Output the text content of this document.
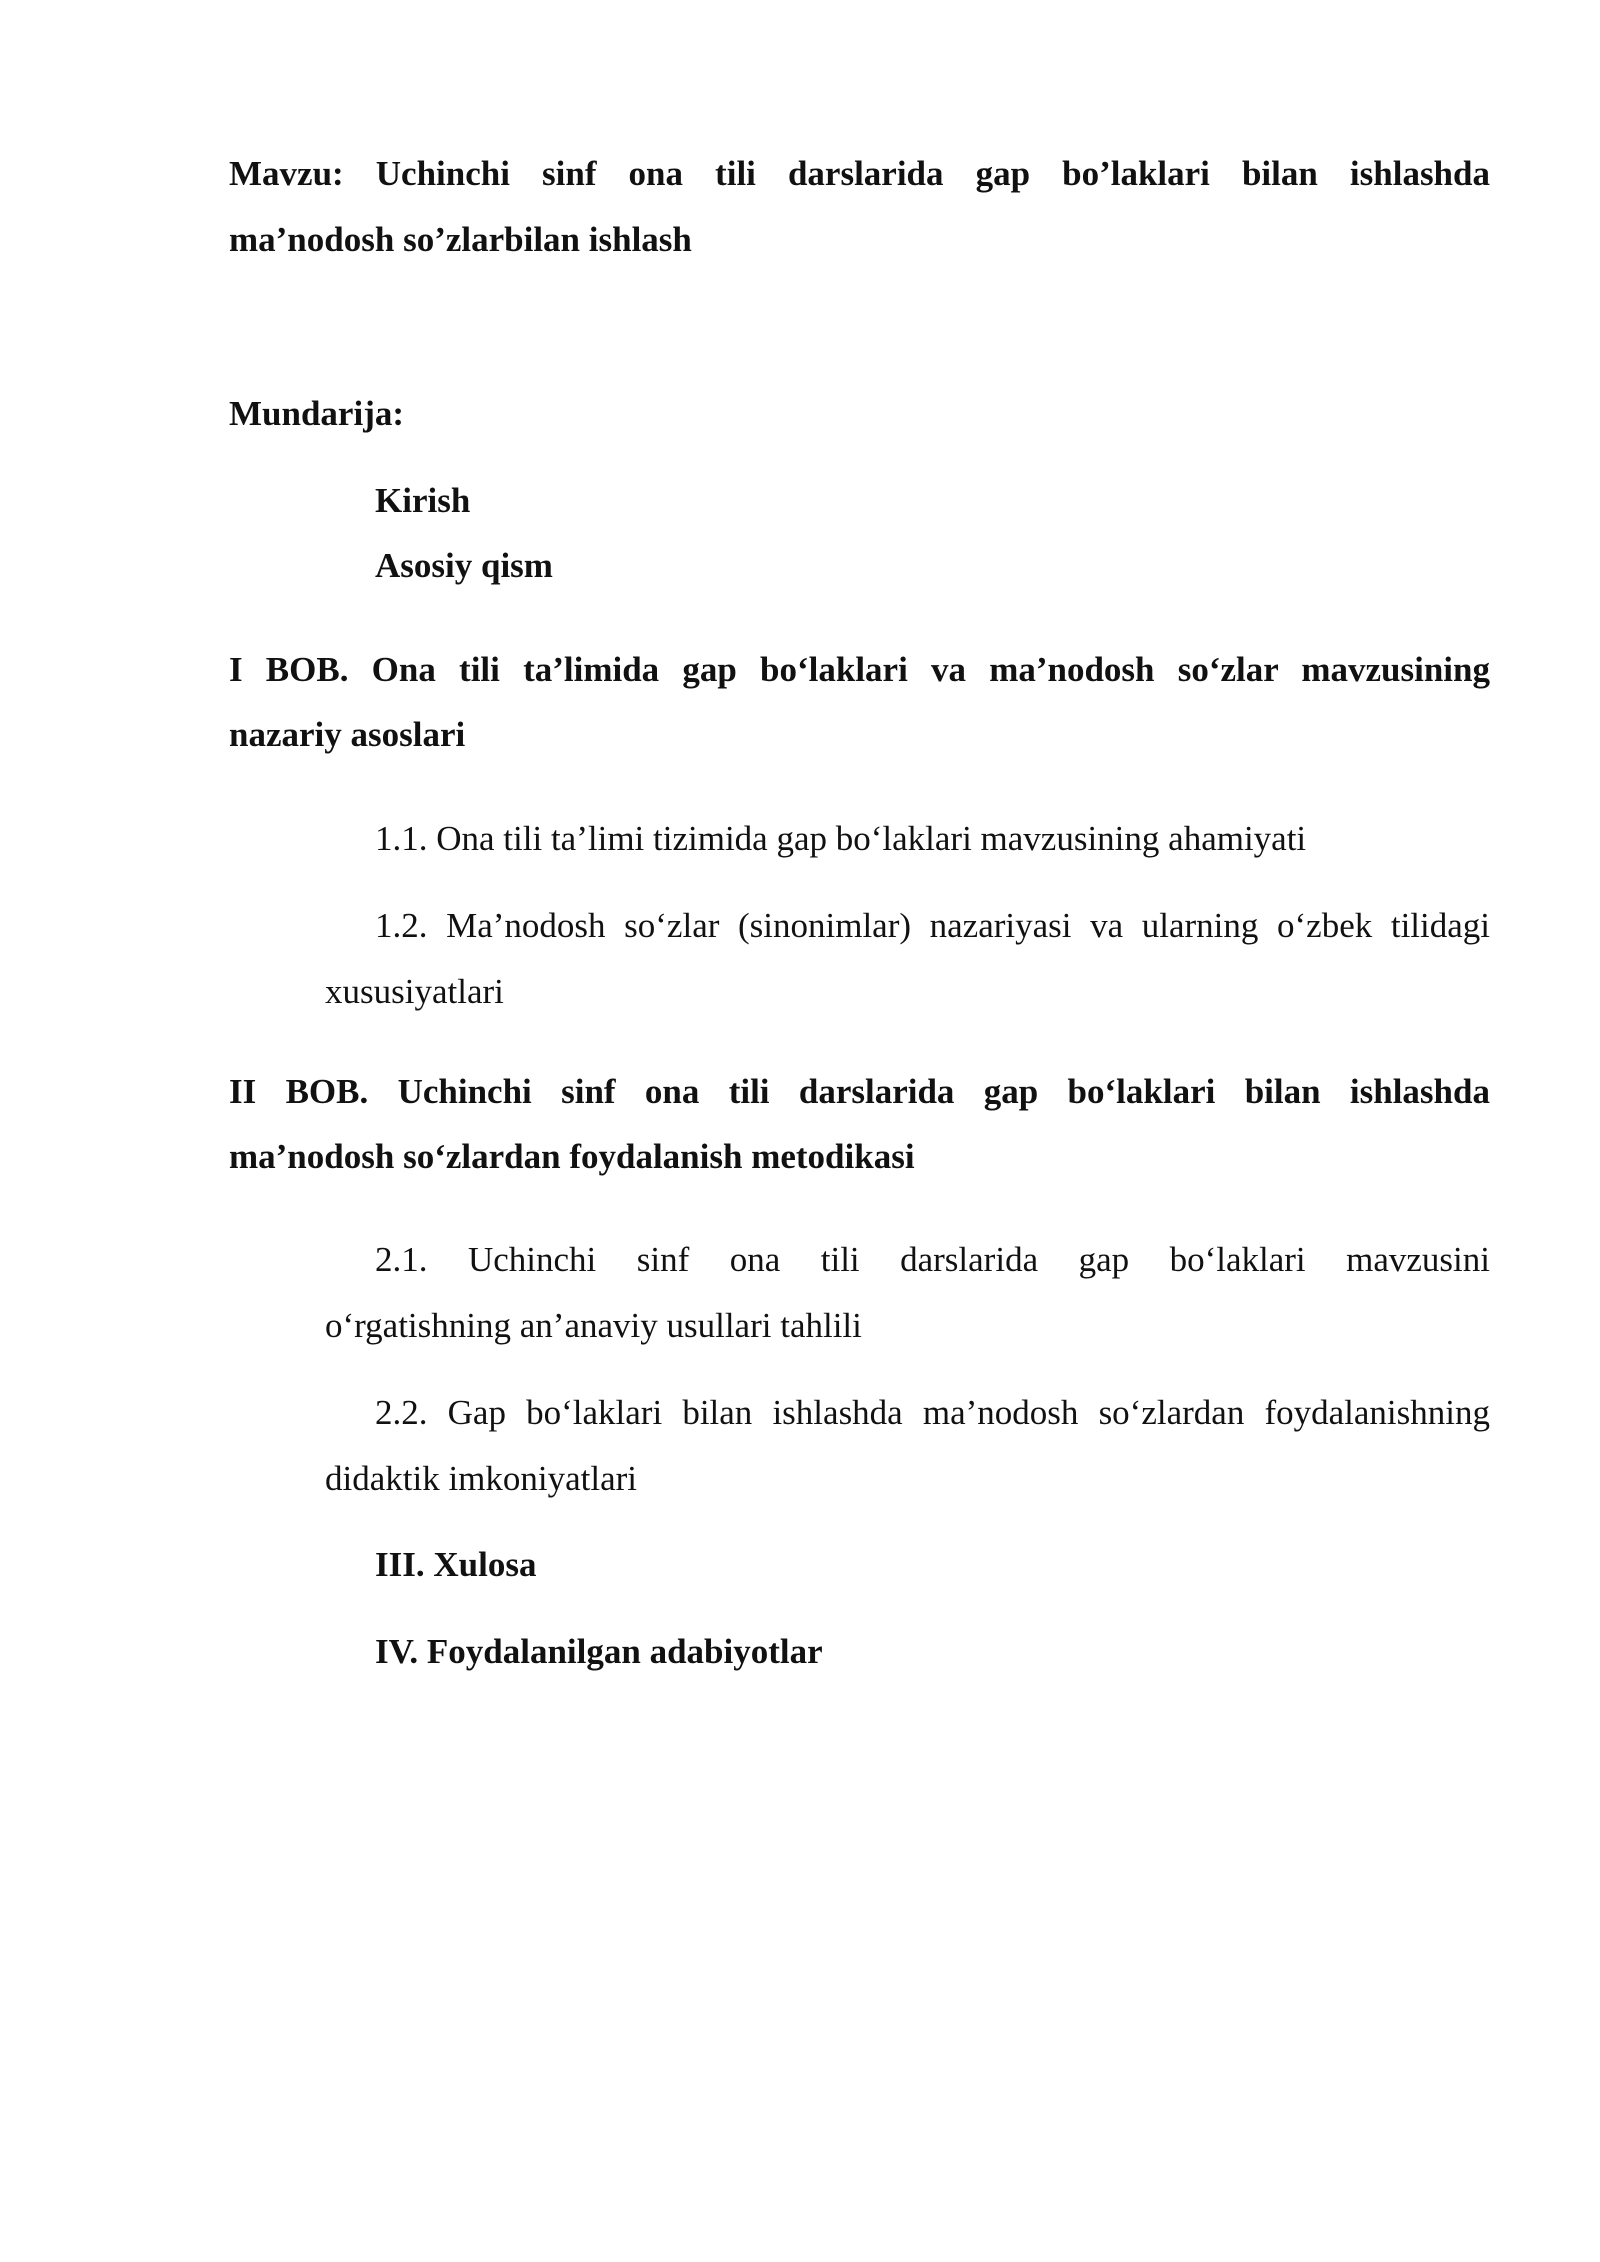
Mavzu: Uchinchi sinf ona tili darslarida gap bo’laklari bilan ishlashda
ma’nodosh so’zlarbilan ishlash
Mundarija:
Kirish
Asosiy qism
I BOB. Ona tili ta’limida gap bo‘laklari va ma’nodosh so‘zlar mavzusining
nazariy asoslari
1.1. Ona tili ta’limi tizimida gap bo‘laklari mavzusining ahamiyati
1.2. Ma’nodosh so‘zlar (sinonimlar) nazariyasi va ularning o‘zbek tilidagi
xususiyatlari
II BOB. Uchinchi sinf ona tili darslarida gap bo‘laklari bilan ishlashda
ma’nodosh so‘zlardan foydalanish metodikasi
2.1. Uchinchi sinf ona tili darslarida gap bo‘laklari mavzusini
o‘rgatishning an’anaviy usullari tahlili
2.2. Gap bo‘laklari bilan ishlashda ma’nodosh so‘zlardan foydalanishning
didaktik imkoniyatlari
III. Xulosa
IV. Foydalanilgan adabiyotlar
